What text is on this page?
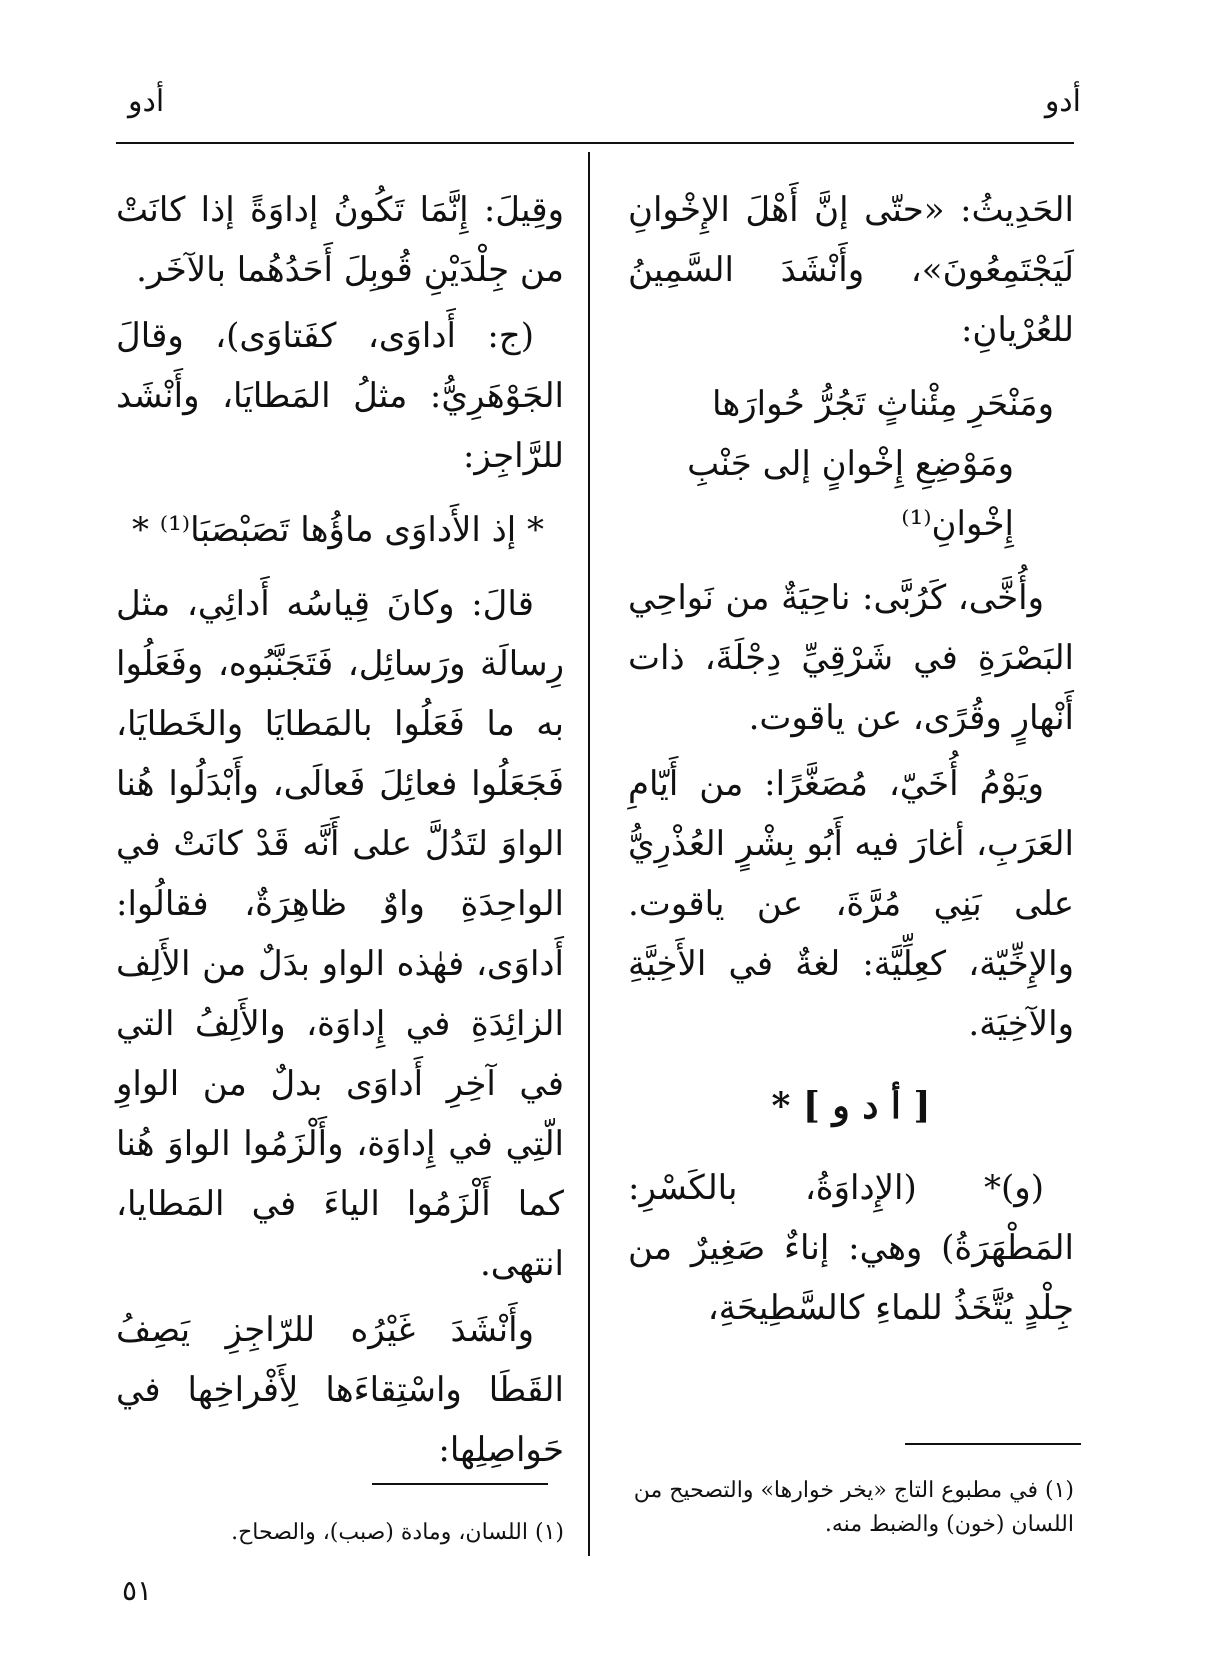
أدو
أدو

الحَدِيثُ: «حتّى إنَّ أَهْلَ الإِخْوانِ لَيَجْتَمِعُونَ»، وأَنْشَدَ السَّمِينُ للعُرْيانِ:

ومَنْحَرِ مِئْناثٍ تَجُرُّ حُوارَها
ومَوْضِعِ إِخْوانٍ إلى جَنْبِ إِخْوانِ⁽¹⁾

وأُخَّى، كَرُبَّى: ناحِيَةٌ من نَواحِي البَصْرَةِ في شَرْقِيِّ دِجْلَةَ، ذات أَنْهارٍ وقُرًى، عن ياقوت.

ويَوْمُ أُخَيّ، مُصَغَّرًا: من أَيّامِ العَرَبِ، أغارَ فيه أَبُو بِشْرٍ العُذْرِيُّ على بَنِي مُرَّةَ، عن ياقوت. والإِخِّيّة، كعِلِّيَّة: لغةٌ في الأَخِيَّةِ والآخِيَة.

[ أ د و ] *

(و)* (الإِداوَةُ، بالكَسْرِ: المَطْهَرَةُ) وهي: إناءٌ صَغِيرٌ من جِلْدٍ يُتَّخَذُ للماءِ كالسَّطِيحَةِ،

وقِيلَ: إِنَّمَا تَكُونُ إداوَةً إذا كانَتْ من جِلْدَيْنِ قُوبِلَ أَحَدُهُما بالآخَر.

(ج: أَداوَى، كفَتاوَى)، وقالَ الجَوْهَرِيُّ: مثلُ المَطايَا، وأَنْشَد للرَّاجِز:

* إذ الأَداوَى ماؤُها تَصَبْصَبَا⁽¹⁾ *

قالَ: وكانَ قِياسُه أَدائِي، مثل رِسالَة ورَسائِل، فَتَجَنَّبُوه، وفَعَلُوا به ما فَعَلُوا بالمَطايَا والخَطايَا، فَجَعَلُوا فعائِلَ فَعالَى، وأَبْدَلُوا هُنا الواوَ لتَدُلَّ على أَنَّه قَدْ كانَتْ في الواحِدَةِ واوٌ ظاهِرَةٌ، فقالُوا: أَداوَى، فهٰذه الواو بدَلٌ من الأَلِف الزائِدَةِ في إِداوَة، والأَلِفُ التي في آخِرِ أَداوَى بدلٌ من الواوِ الّتِي في إِداوَة، وأَلْزَمُوا الواوَ هُنا كما أَلْزَمُوا الياءَ في المَطايا، انتهى.

وأَنْشَدَ غَيْرُه للرّاجِزِ يَصِفُ القَطَا واسْتِقاءَها لِأَفْراخِها في حَواصِلِها:

(١) في مطبوع التاج «يخر خوارها» والتصحيح من اللسان (خون) والضبط منه.
(١) اللسان، ومادة (صبب)، والصحاح.
٥١
